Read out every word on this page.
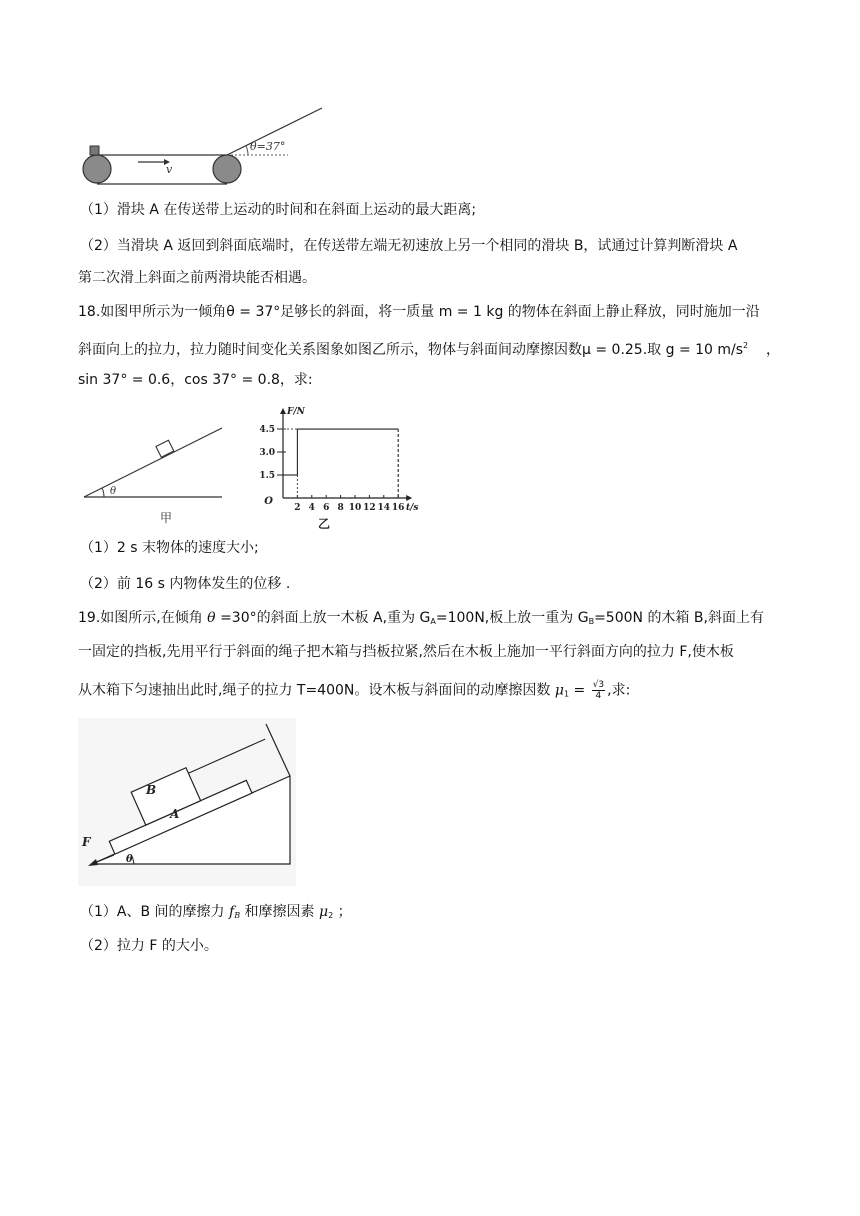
v
θ=37°
（1）滑块 A 在传送带上运动的时间和在斜面上运动的最大距离;
（2）当滑块 A 返回到斜面底端时，在传送带左端无初速放上另一个相同的滑块 B，试通过计算判断滑块 A
第二次滑上斜面之前两滑块能否相遇。
18.如图甲所示为一倾角θ = 37°足够长的斜面，将一质量 m = 1 kg 的物体在斜面上静止释放，同时施加一沿
斜面向上的拉力，拉力随时间变化关系图象如图乙所示，物体与斜面间动摩擦因数μ = 0.25.取 g = 10 $m/s^2$ ，
sin 37° = 0.6，cos 37° = 0.8，求:
θ
甲
2 4 6 8 10 12 14 16
1.5
3.0
4.5
O
F/N
t/s
乙
（1）2 s 末物体的速度大小;
（2）前 16 s 内物体发生的位移 .
19.如图所示,在倾角 θ =30°的斜面上放一木板 A,重为 $G_A=100N$,板上放一重为 $G_B=500N$ 的木箱 B,斜面上有
一固定的挡板,先用平行于斜面的绳子把木箱与挡板拉紧,然后在木板上施加一平行斜面方向的拉力 F,使木板
从木箱下匀速抽出此时,绳子的拉力 T=400N。设木板与斜面间的动摩擦因数 $\mu_1 = \frac{√3}{4}$ ,求:
B
A
F
θ
（1）A、B 间的摩擦力 $f_B$ 和摩擦因素 $\mu_2$ ；
（2）拉力 F 的大小。
